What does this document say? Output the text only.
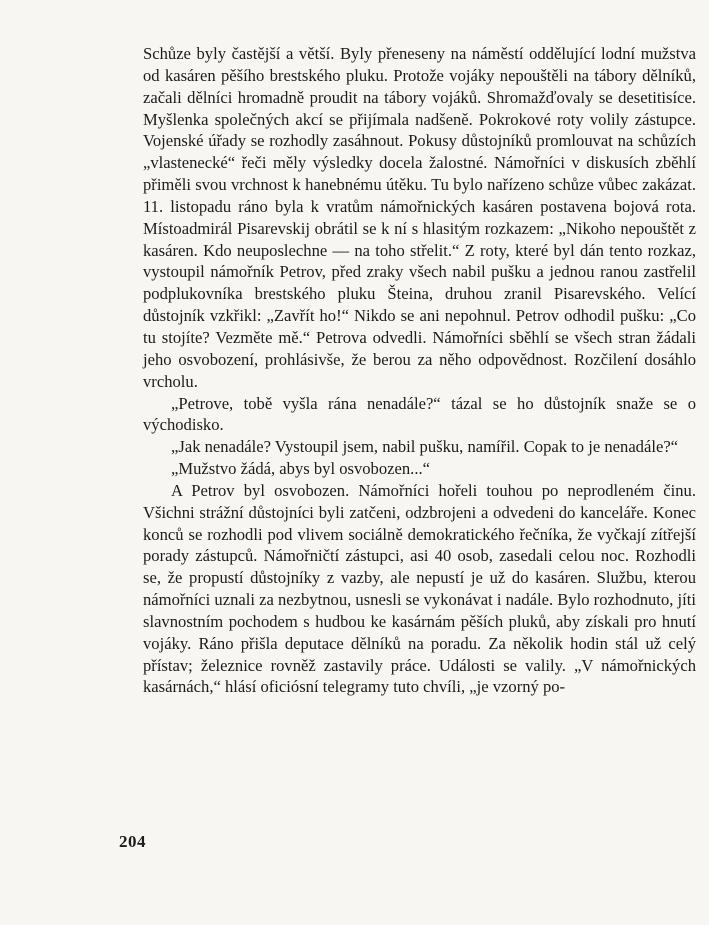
Schůze byly častější a větší. Byly přeneseny na náměstí oddělující lodní mužstva od kasáren pěšího brestského pluku. Protože vojáky nepouštěli na tábory dělníků, začali dělníci hromadně proudit na tábory vojáků. Shromažďovaly se desetitisíce. Myšlenka společných akcí se přijímala nadšeně. Pokrokové roty volily zástupce. Vojenské úřady se rozhodly zasáhnout. Pokusy důstojníků promlouvat na schůzích „vlastenecké“ řeči měly výsledky docela žalostné. Námořníci v diskusích zběhlí přiměli svou vrchnost k hanebnému útěku. Tu bylo nařízeno schůze vůbec zakázat. 11. listopadu ráno byla k vratům námořnických kasáren postavena bojová rota. Místoadmirál Pisarevskij obrátil se k ní s hlasitým rozkazem: „Nikoho nepouštět z kasáren. Kdo neuposlechne — na toho střelit.“ Z roty, které byl dán tento rozkaz, vystoupil námořník Petrov, před zraky všech nabil pušku a jednou ranou zastřelil podplukovníka brestského pluku Šteina, druhou zranil Pisarevského. Velící důstojník vzkřikl: „Zavřít ho!“ Nikdo se ani nepohnul. Petrov odhodil pušku: „Co tu stojíte? Vezměte mě.“ Petrova odvedli. Námořníci sběhlí se všech stran žádali jeho osvobození, prohlásivše, že berou za něho odpovědnost. Rozčilení dosáhlo vrcholu.

„Petrove, tobě vyšla rána nenadále?“ tázal se ho důstojník snaže se o východisko.

„Jak nenadále? Vystoupil jsem, nabil pušku, namířil. Copak to je nenadále?“

„Mužstvo žádá, abys byl osvobozen...“

A Petrov byl osvobozen. Námořníci hořeli touhou po neprodleném činu. Všichni strážní důstojníci byli zatčeni, odzbrojeni a odvedeni do kanceláře. Konec konců se rozhodli pod vlivem sociálně demokratického řečníka, že vyčkají zítřejší porady zástupců. Námořničtí zástupci, asi 40 osob, zasedali celou noc. Rozhodli se, že propustí důstojníky z vazby, ale nepustí je už do kasáren. Službu, kterou námořníci uznali za nezbytnou, usnesli se vykonávat i nadále. Bylo rozhodnuto, jíti slavnostním pochodem s hudbou ke kasárnám pěších pluků, aby získali pro hnutí vojáky. Ráno přišla deputace dělníků na poradu. Za několik hodin stál už celý přístav; železnice rovněž zastavily práce. Události se valily. „V námořnických kasárnách,“ hlásí oficiósní telegramy tuto chvíli, „je vzorný po-

204
